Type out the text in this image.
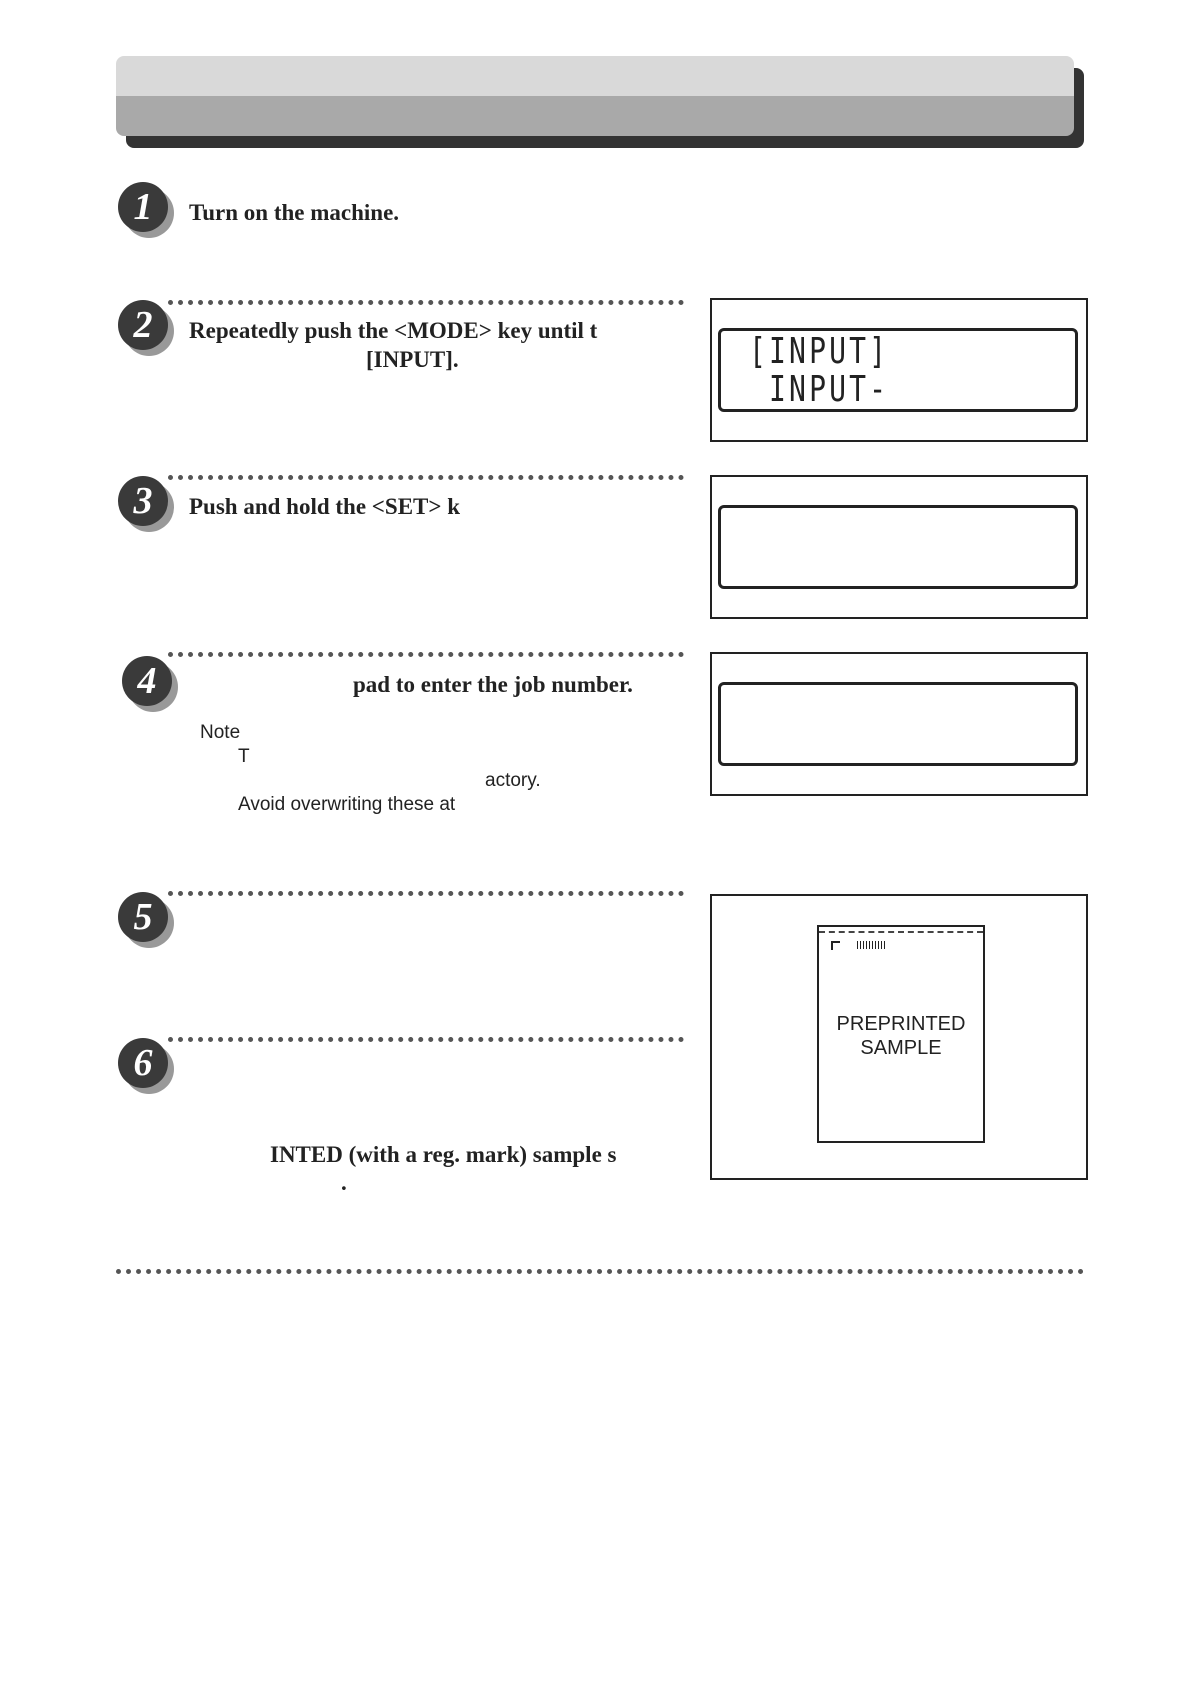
1	Turn on the machine.
2	Repeatedly push the <MODE> key until t
[INPUT].	[INPUT]
INPUT-
3	Push and hold the <SET> k
4	pad to enter the job number.
Note
T
actory.
Avoid overwriting these at
5
6
INTED (with a reg. mark) sample s
.
PREPRINTED
SAMPLE
